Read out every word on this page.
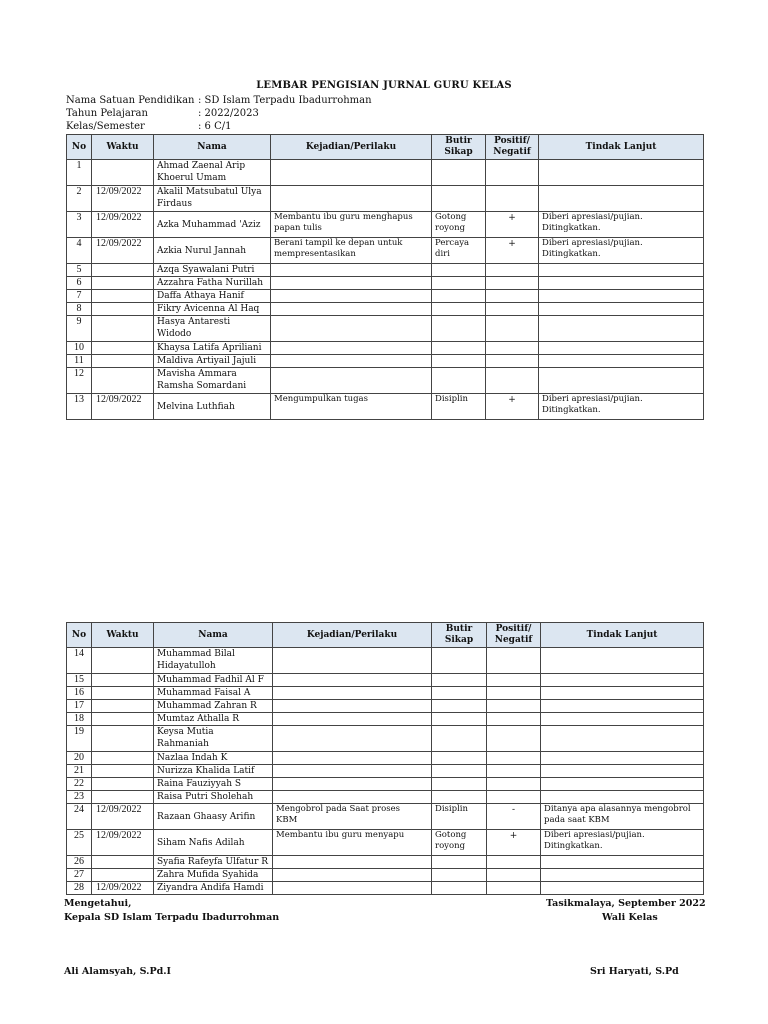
LEMBAR PENGISIAN JURNAL GURU KELAS
Nama Satuan Pendidikan : SD Islam Terpadu Ibadurrohman
Tahun Pelajaran	: 2022/2023
Kelas/Semester	: 6 C/1
No	Waktu	Nama	Kejadian/Perilaku	Butir
Sikap	Positif/
Negatif	Tindak Lanjut
1		Ahmad Zaenal Arip
Khoerul Umam				
2	12/09/2022	Akalil Matsubatul Ulya
Firdaus				
3	12/09/2022	Azka Muhammad 'Aziz	Membantu ibu guru menghapus
papan tulis	Gotong
royong	+	Diberi apresiasi/pujian.
Ditingkatkan.
4	12/09/2022	Azkia Nurul Jannah	Berani tampil ke depan untuk
mempresentasikan	Percaya
diri	+	Diberi apresiasi/pujian.
Ditingkatkan.
5		Azqa Syawalani Putri				
6		Azzahra Fatha Nurillah				
7		Daffa Athaya Hanif				
8		Fikry Avicenna Al Haq				
9		Hasya Antaresti
Widodo				
10		Khaysa Latifa Apriliani				
11		Maldiva Artiyail Jajuli				
12		Mavisha Ammara
Ramsha Somardani				
13	12/09/2022	Melvina Luthfiah	Mengumpulkan tugas	Disiplin	+	Diberi apresiasi/pujian.
Ditingkatkan.
No	Waktu	Nama	Kejadian/Perilaku	Butir
Sikap	Positif/
Negatif	Tindak Lanjut
14		Muhammad Bilal
Hidayatulloh				
15		Muhammad Fadhil Al F				
16		Muhammad Faisal A				
17		Muhammad Zahran R				
18		Mumtaz Athalla R				
19		Keysa Mutia
Rahmaniah				
20		Nazlaa Indah K				
21		Nurizza Khalida Latif				
22		Raina Fauziyyah S				
23		Raisa Putri Sholehah				
24	12/09/2022	Razaan Ghaasy Arifin	Mengobrol pada Saat proses
KBM	Disiplin	-	Ditanya apa alasannya mengobrol
pada saat KBM
25	12/09/2022	Siham Nafis Adilah	Membantu ibu guru menyapu	Gotong
royong	+	Diberi apresiasi/pujian.
Ditingkatkan.
26		Syafia Rafeyfa Ulfatur R				
27		Zahra Mufida Syahida				
28	12/09/2022	Ziyandra Andifa Hamdi				
Mengetahui,
Kepala SD Islam Terpadu Ibadurrohman
Ali Alamsyah, S.Pd.I
Tasikmalaya, September 2022
Wali Kelas
Sri Haryati, S.Pd
